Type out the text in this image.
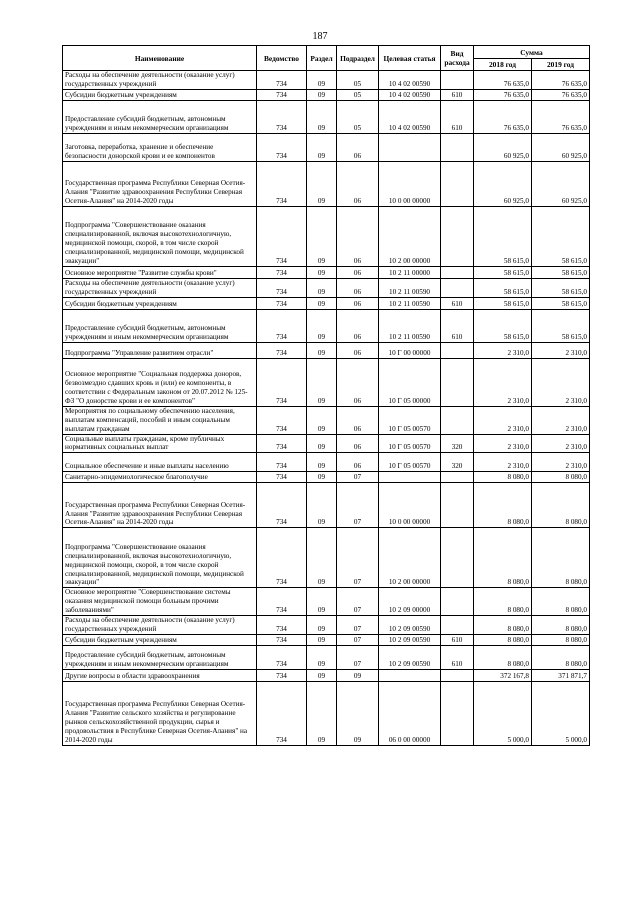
187
Наименование	Ведомство	Раздел	Подраздел	Целевая статья	Вид расхода	Сумма	
						2018 год	2019 год
Расходы на обеспечение деятельности (оказание услуг) государственных учреждений	734	09	05	10 4 02 00590		76 635,0	76 635,0
Субсидии бюджетным учреждениям	734	09	05	10 4 02 00590	610	76 635,0	76 635,0
Предоставление субсидий бюджетным, автономным учреждениям и иным некоммерческим организациям	734	09	05	10 4 02 00590	610	76 635,0	76 635,0
Заготовка, переработка, хранение и обеспечение безопасности донорской крови и ее компонентов	734	09	06			60 925,0	60 925,0
Государственная программа Республики Северная Осетия-Алания "Развитие здравоохранения Республики Северная Осетия-Алания" на 2014-2020 годы	734	09	06	10 0 00 00000		60 925,0	60 925,0
Подпрограмма "Совершенствование оказания специализированной, включая высокотехнологичную, медицинской помощи, скорой, в том числе скорой специализированной, медицинской помощи, медицинской эвакуации"	734	09	06	10 2 00 00000		58 615,0	58 615,0
Основное мероприятие "Развитие службы крови"	734	09	06	10 2 11 00000		58 615,0	58 615,0
Расходы на обеспечение деятельности (оказание услуг) государственных учреждений	734	09	06	10 2 11 00590		58 615,0	58 615,0
Субсидии бюджетным учреждениям	734	09	06	10 2 11 00590	610	58 615,0	58 615,0
Предоставление субсидий бюджетным, автономным учреждениям и иным некоммерческим организациям	734	09	06	10 2 11 00590	610	58 615,0	58 615,0
Подпрограмма "Управление развитием отрасли"	734	09	06	10 Г 00 00000		2 310,0	2 310,0
Основное мероприятие "Социальная поддержка доноров, безвозмездно сдавших кровь и (или) ее компоненты, в соответствии с Федеральным законом от 20.07.2012 № 125-ФЗ "О донорстве крови и ее компонентов"	734	09	06	10 Г 05 00000		2 310,0	2 310,0
Мероприятия по социальному обеспечению населения, выплатам компенсаций, пособий и иным социальным выплатам гражданам	734	09	06	10 Г 05 00570		2 310,0	2 310,0
Социальные выплаты гражданам, кроме публичных нормативных социальных выплат	734	09	06	10 Г 05 00570	320	2 310,0	2 310,0
Социальное обеспечение и иные выплаты населению	734	09	06	10 Г 05 00570	320	2 310,0	2 310,0
Санитарно-эпидемиологическое благополучие	734	09	07			8 080,0	8 080,0
Государственная программа Республики Северная Осетия-Алания "Развитие здравоохранения Республики Северная Осетия-Алания" на 2014-2020 годы	734	09	07	10 0 00 00000		8 080,0	8 080,0
Подпрограмма "Совершенствование оказания специализированной, включая высокотехнологичную, медицинской помощи, скорой, в том числе скорой специализированной, медицинской помощи, медицинской эвакуации"	734	09	07	10 2 00 00000		8 080,0	8 080,0
Основное мероприятие "Совершенствование системы оказания медицинской помощи больным прочими заболеваниями"	734	09	07	10 2 09 00000		8 080,0	8 080,0
Расходы на обеспечение деятельности (оказание услуг) государственных учреждений	734	09	07	10 2 09 00590		8 080,0	8 080,0
Субсидии бюджетным учреждениям	734	09	07	10 2 09 00590	610	8 080,0	8 080,0
Предоставление субсидий бюджетным, автономным учреждениям и иным некоммерческим организациям	734	09	07	10 2 09 00590	610	8 080,0	8 080,0
Другие вопросы в области здравоохранения	734	09	09			372 167,8	371 871,7
Государственная программа Республики Северная Осетия-Алания "Развитие сельского хозяйства и регулирование рынков сельскохозяйственной продукции, сырья и продовольствия в Республике Северная Осетия-Алания" на 2014-2020 годы	734	09	09	06 0 00 00000		5 000,0	5 000,0
